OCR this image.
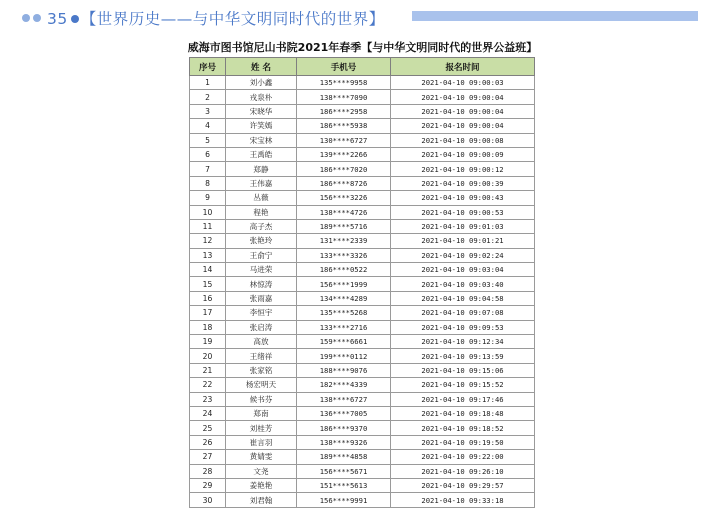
35 【世界历史——与中华文明同时代的世界】
威海市图书馆尼山书院2021年春季【与中华文明同时代的世界公益班】
序号	姓 名	手机号	报名时间
1	刘小鑫	135****9958	2021-04-10 09:00:03
2	戎泉朴	138****7090	2021-04-10 09:00:04
3	宋晓华	186****2958	2021-04-10 09:00:04
4	许笑嫣	186****5938	2021-04-10 09:00:04
5	宋宝林	130****6727	2021-04-10 09:00:08
6	王禹皓	139****2266	2021-04-10 09:00:09
7	郑静	186****7020	2021-04-10 09:00:12
8	王伟嘉	186****8726	2021-04-10 09:00:39
9	丛薇	156****3226	2021-04-10 09:00:43
10	程艳	138****4726	2021-04-10 09:00:53
11	高子杰	189****5716	2021-04-10 09:01:03
12	张艳玲	131****2339	2021-04-10 09:01:21
13	王俞宁	133****3326	2021-04-10 09:02:24
14	马进荣	186****0522	2021-04-10 09:03:04
15	林惊涛	156****1999	2021-04-10 09:03:40
16	张雨嘉	134****4289	2021-04-10 09:04:58
17	李恒宇	135****5268	2021-04-10 09:07:08
18	张启涛	133****2716	2021-04-10 09:09:53
19	高放	159****6661	2021-04-10 09:12:34
20	王绪祥	199****0112	2021-04-10 09:13:59
21	张家铭	188****9076	2021-04-10 09:15:06
22	杨宏明天	182****4339	2021-04-10 09:15:52
23	候书芬	138****6727	2021-04-10 09:17:46
24	郑南	136****7005	2021-04-10 09:18:48
25	刘桂芳	186****9370	2021-04-10 09:18:52
26	崔言羽	138****9326	2021-04-10 09:19:50
27	黄婧雯	189****4858	2021-04-10 09:22:00
28	文尧	156****5671	2021-04-10 09:26:10
29	姜艳艳	151****5613	2021-04-10 09:29:57
30	刘君翰	156****9991	2021-04-10 09:33:18
